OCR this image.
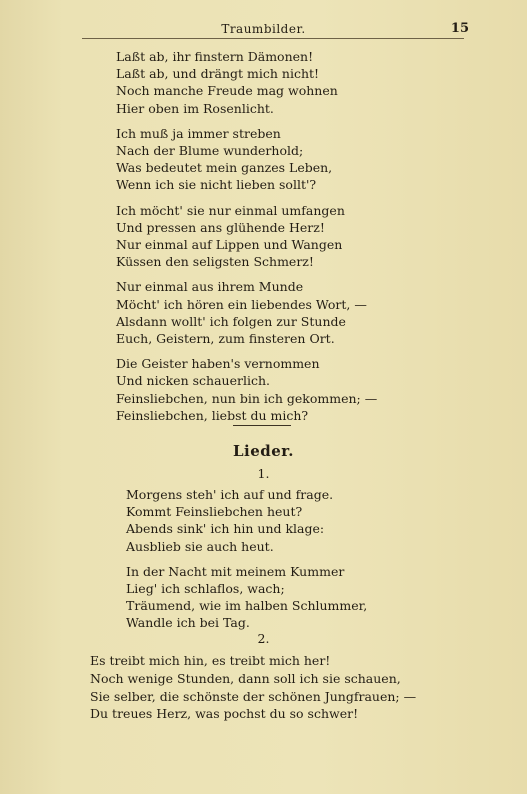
Traumbilder.	15
Laßt ab, ihr finstern Dämonen!
Laßt ab, und drängt mich nicht!
Noch manche Freude mag wohnen
Hier oben im Rosenlicht.
Ich muß ja immer streben
Nach der Blume wunderhold;
Was bedeutet mein ganzes Leben,
Wenn ich sie nicht lieben sollt'?
Ich möcht' sie nur einmal umfangen
Und pressen ans glühende Herz!
Nur einmal auf Lippen und Wangen
Küssen den seligsten Schmerz!
Nur einmal aus ihrem Munde
Möcht' ich hören ein liebendes Wort, —
Alsdann wollt' ich folgen zur Stunde
Euch, Geistern, zum finsteren Ort.
Die Geister haben's vernommen
Und nicken schauerlich.
Feinsliebchen, nun bin ich gekommen; —
Feinsliebchen, liebst du mich?
Lieder.
1.
Morgens steh' ich auf und frage.
Kommt Feinsliebchen heut?
Abends sink' ich hin und klage:
Ausblieb sie auch heut.
In der Nacht mit meinem Kummer
Lieg' ich schlaflos, wach;
Träumend, wie im halben Schlummer,
Wandle ich bei Tag.
2.
Es treibt mich hin, es treibt mich her!
Noch wenige Stunden, dann soll ich sie schauen,
Sie selber, die schönste der schönen Jungfrauen; —
Du treues Herz, was pochst du so schwer!
